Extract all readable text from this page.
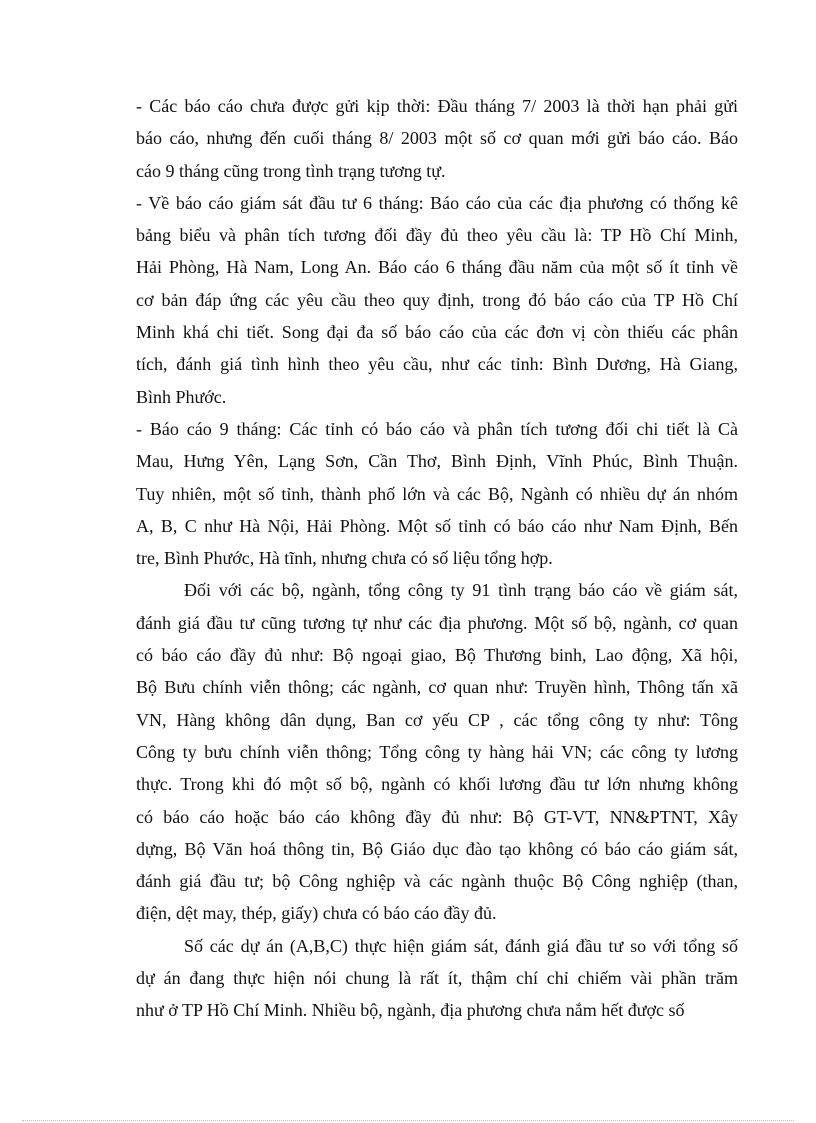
- Các báo cáo chưa được gửi kịp thời: Đầu tháng 7/ 2003 là thời hạn phải gửi
báo cáo, nhưng đến cuối tháng 8/ 2003 một số cơ quan mới gửi báo cáo. Báo
cáo 9 tháng cũng trong tình trạng tương tự.
- Về báo cáo giám sát đầu tư 6 tháng: Báo cáo của các địa phương có thống kê
bảng biểu và phân tích tương đối đầy đủ theo yêu cầu là: TP Hồ Chí Minh,
Hải Phòng, Hà Nam, Long An. Báo cáo 6 tháng đầu năm của một số ít tỉnh về
cơ bản đáp ứng các yêu cầu theo quy định, trong đó báo cáo của TP Hồ Chí
Minh khá chi tiết. Song đại đa số báo cáo của các đơn vị còn thiếu các phân
tích, đánh giá tình hình theo yêu cầu, như các tỉnh: Bình Dương, Hà Giang,
Bình Phước.
- Báo cáo 9 tháng: Các tỉnh có báo cáo và phân tích tương đối chi tiết là Cà
Mau, Hưng Yên, Lạng Sơn, Cần Thơ, Bình Định, Vĩnh Phúc, Bình Thuận.
Tuy nhiên, một số tỉnh, thành phố lớn và các Bộ, Ngành có nhiều dự án nhóm
A, B, C như Hà Nội, Hải Phòng. Một số tỉnh có báo cáo như Nam Định, Bến
tre, Bình Phước, Hà tĩnh, nhưng chưa có số liệu tổng hợp.
Đối với các bộ, ngành, tổng công ty 91 tình trạng báo cáo về giám sát,
đánh giá đầu tư cũng tương tự như các địa phương. Một số bộ, ngành, cơ quan
có báo cáo đầy đủ như: Bộ ngoại giao, Bộ Thương binh, Lao động, Xã hội,
Bộ Bưu chính viễn thông; các ngành, cơ quan như: Truyền hình, Thông tấn xã
VN, Hàng không dân dụng, Ban cơ yếu CP , các tổng công ty như: Tông
Công ty bưu chính viễn thông; Tổng công ty hàng hải VN; các công ty lương
thực. Trong khi đó một số bộ, ngành có khối lương đầu tư lớn nhưng không
có báo cáo hoặc báo cáo không đầy đủ như: Bộ GT-VT, NN&PTNT, Xây
dựng, Bộ Văn hoá thông tin, Bộ Giáo dục đào tạo không có báo cáo giám sát,
đánh giá đầu tư; bộ Công nghiệp và các ngành thuộc Bộ Công nghiệp (than,
điện, dệt may, thép, giấy) chưa có báo cáo đầy đủ.
Số các dự án (A,B,C) thực hiện giám sát, đánh giá đầu tư so với tổng số
dự án đang thực hiện nói chung là rất ít, thậm chí chỉ chiếm vài phần trăm
như ở TP Hồ Chí Minh. Nhiều bộ, ngành, địa phương chưa nắm hết được số
